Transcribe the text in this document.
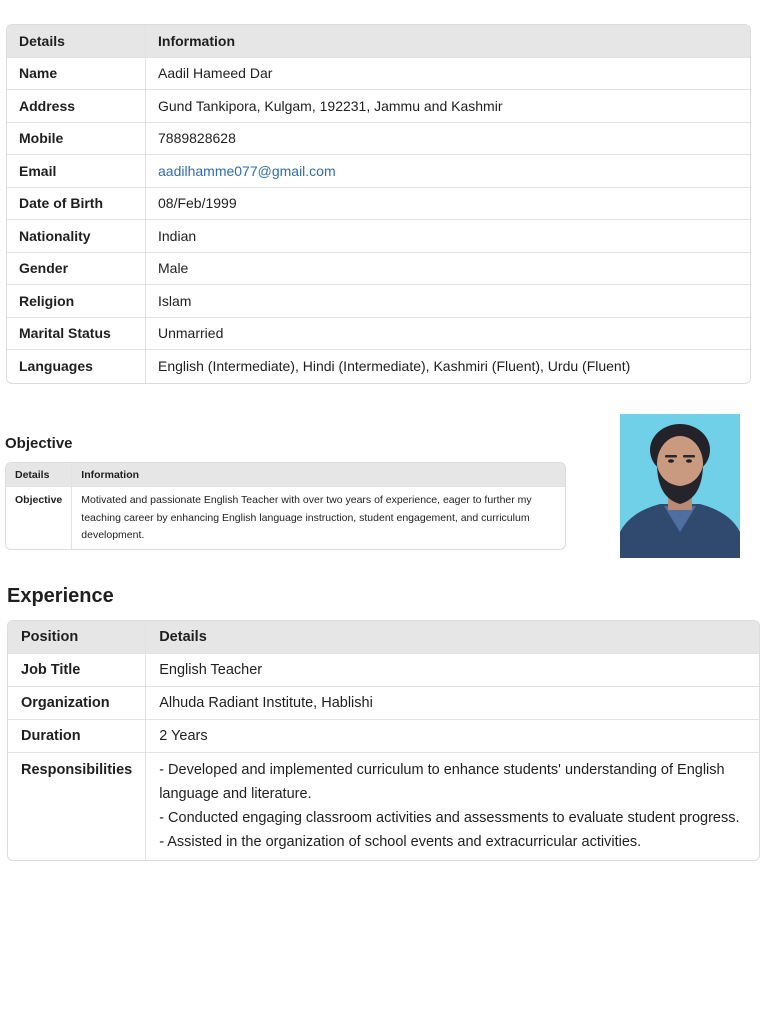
Details	Information
Name	Aadil Hameed Dar
Address	Gund Tankipora, Kulgam, 192231, Jammu and Kashmir
Mobile	7889828628
Email	aadilhamme077@gmail.com
Date of Birth	08/Feb/1999
Nationality	Indian
Gender	Male
Religion	Islam
Marital Status	Unmarried
Languages	English (Intermediate), Hindi (Intermediate), Kashmiri (Fluent), Urdu (Fluent)
Objective
Details	Information
Objective	Motivated and passionate English Teacher with over two years of experience, eager to further my teaching career by enhancing English language instruction, student engagement, and curriculum development.
Experience
Position	Details
Job Title	English Teacher
Organization	Alhuda Radiant Institute, Hablishi
Duration	2 Years
Responsibilities	- Developed and implemented curriculum to enhance students' understanding of English language and literature.
- Conducted engaging classroom activities and assessments to evaluate student progress.
- Assisted in the organization of school events and extracurricular activities.
